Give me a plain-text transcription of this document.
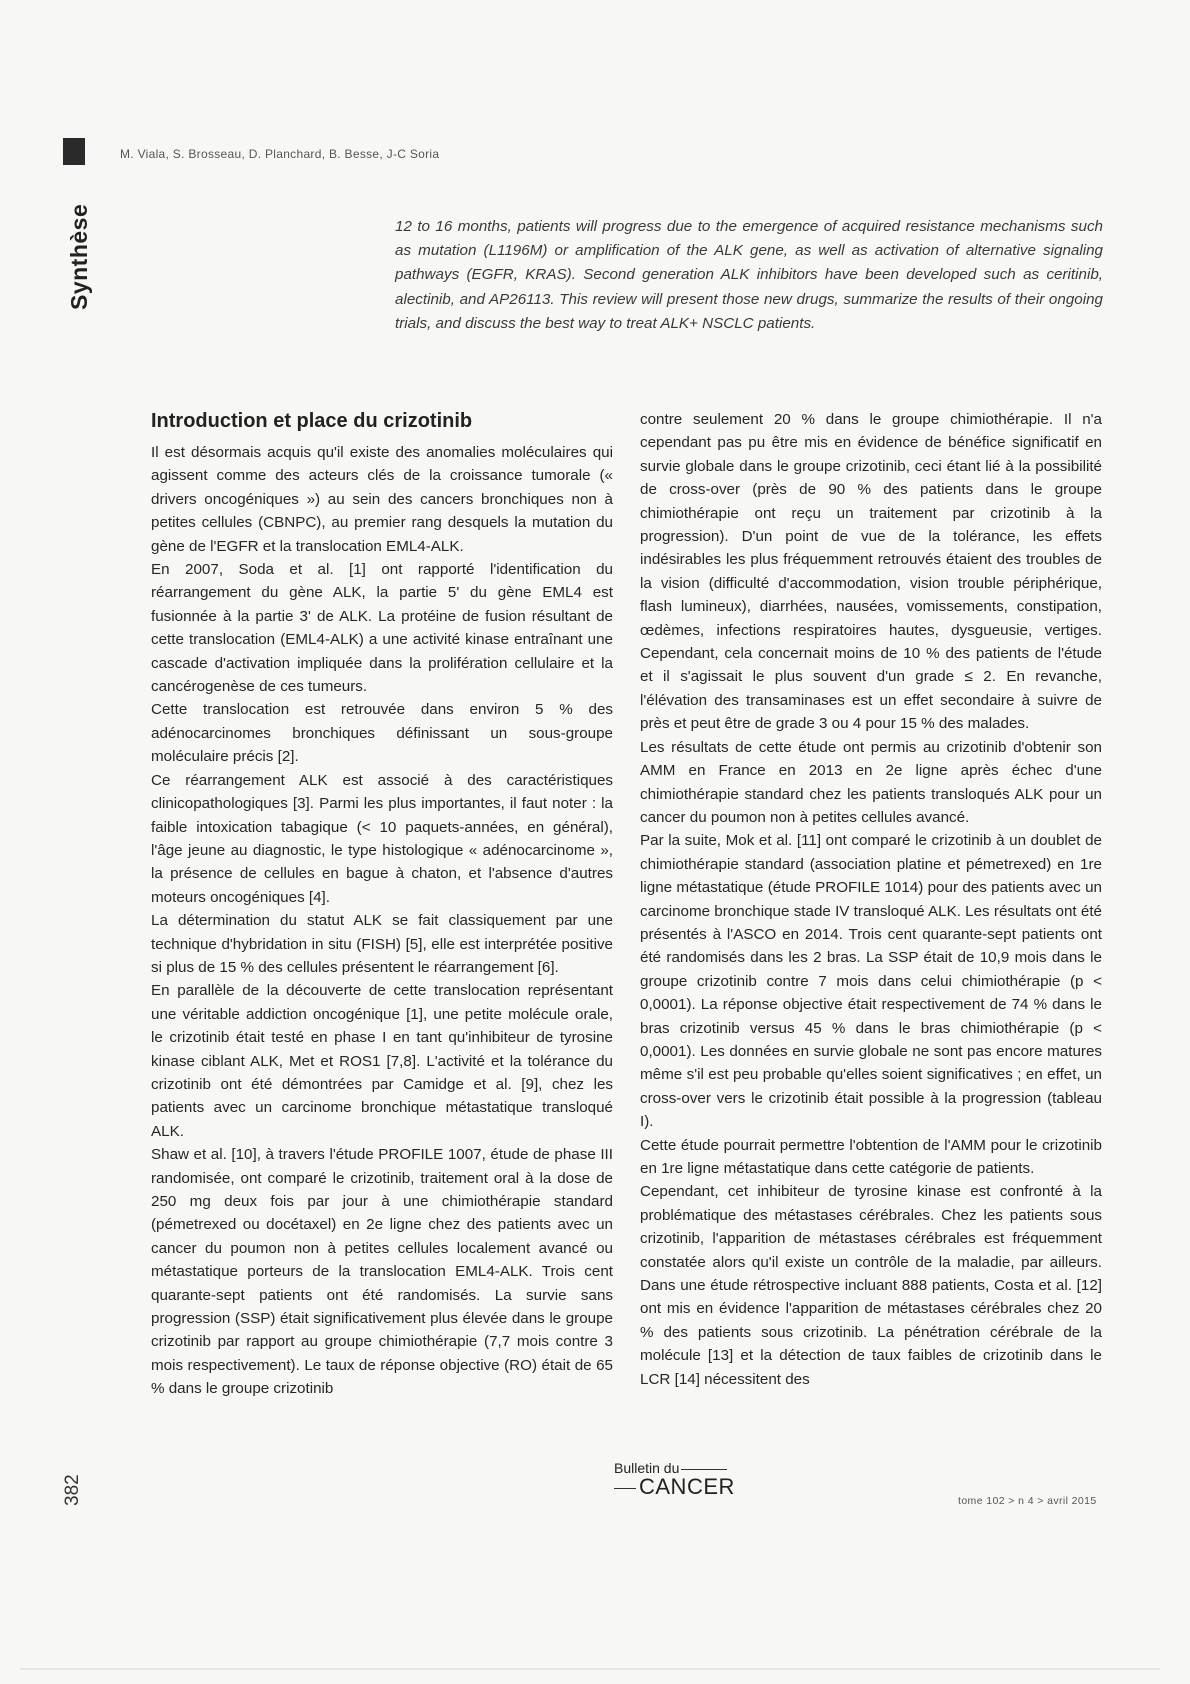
Synthèse
M. Viala, S. Brosseau, D. Planchard, B. Besse, J-C Soria
12 to 16 months, patients will progress due to the emergence of acquired resistance mechanisms such as mutation (L1196M) or amplification of the ALK gene, as well as activation of alternative signaling pathways (EGFR, KRAS). Second generation ALK inhibitors have been developed such as ceritinib, alectinib, and AP26113. This review will present those new drugs, summarize the results of their ongoing trials, and discuss the best way to treat ALK+ NSCLC patients.
Introduction et place du crizotinib

Il est désormais acquis qu'il existe des anomalies moléculaires qui agissent comme des acteurs clés de la croissance tumorale (« drivers oncogéniques ») au sein des cancers bronchiques non à petites cellules (CBNPC), au premier rang desquels la mutation du gène de l'EGFR et la translocation EML4-ALK.

En 2007, Soda et al. [1] ont rapporté l'identification du réarrangement du gène ALK, la partie 5' du gène EML4 est fusionnée à la partie 3' de ALK. La protéine de fusion résultant de cette translocation (EML4-ALK) a une activité kinase entraînant une cascade d'activation impliquée dans la prolifération cellulaire et la cancérogenèse de ces tumeurs.

Cette translocation est retrouvée dans environ 5 % des adénocarcinomes bronchiques définissant un sous-groupe moléculaire précis [2].

Ce réarrangement ALK est associé à des caractéristiques clinicopathologiques [3]. Parmi les plus importantes, il faut noter : la faible intoxication tabagique (< 10 paquets-années, en général), l'âge jeune au diagnostic, le type histologique « adénocarcinome », la présence de cellules en bague à chaton, et l'absence d'autres moteurs oncogéniques [4].

La détermination du statut ALK se fait classiquement par une technique d'hybridation in situ (FISH) [5], elle est interprétée positive si plus de 15 % des cellules présentent le réarrangement [6].

En parallèle de la découverte de cette translocation représentant une véritable addiction oncogénique [1], une petite molécule orale, le crizotinib était testé en phase I en tant qu'inhibiteur de tyrosine kinase ciblant ALK, Met et ROS1 [7,8]. L'activité et la tolérance du crizotinib ont été démontrées par Camidge et al. [9], chez les patients avec un carcinome bronchique métastatique transloqué ALK.

Shaw et al. [10], à travers l'étude PROFILE 1007, étude de phase III randomisée, ont comparé le crizotinib, traitement oral à la dose de 250 mg deux fois par jour à une chimiothérapie standard (pémetrexed ou docétaxel) en 2e ligne chez des patients avec un cancer du poumon non à petites cellules localement avancé ou métastatique porteurs de la translocation EML4-ALK. Trois cent quarante-sept patients ont été randomisés. La survie sans progression (SSP) était significativement plus élevée dans le groupe crizotinib par rapport au groupe chimiothérapie (7,7 mois contre 3 mois respectivement). Le taux de réponse objective (RO) était de 65 % dans le groupe crizotinib

contre seulement 20 % dans le groupe chimiothérapie. Il n'a cependant pas pu être mis en évidence de bénéfice significatif en survie globale dans le groupe crizotinib, ceci étant lié à la possibilité de cross-over (près de 90 % des patients dans le groupe chimiothérapie ont reçu un traitement par crizotinib à la progression). D'un point de vue de la tolérance, les effets indésirables les plus fréquemment retrouvés étaient des troubles de la vision (difficulté d'accommodation, vision trouble périphérique, flash lumineux), diarrhées, nausées, vomissements, constipation, œdèmes, infections respiratoires hautes, dysgueusie, vertiges. Cependant, cela concernait moins de 10 % des patients de l'étude et il s'agissait le plus souvent d'un grade ≤ 2. En revanche, l'élévation des transaminases est un effet secondaire à suivre de près et peut être de grade 3 ou 4 pour 15 % des malades.

Les résultats de cette étude ont permis au crizotinib d'obtenir son AMM en France en 2013 en 2e ligne après échec d'une chimiothérapie standard chez les patients transloqués ALK pour un cancer du poumon non à petites cellules avancé.

Par la suite, Mok et al. [11] ont comparé le crizotinib à un doublet de chimiothérapie standard (association platine et pémetrexed) en 1re ligne métastatique (étude PROFILE 1014) pour des patients avec un carcinome bronchique stade IV transloqué ALK. Les résultats ont été présentés à l'ASCO en 2014. Trois cent quarante-sept patients ont été randomisés dans les 2 bras. La SSP était de 10,9 mois dans le groupe crizotinib contre 7 mois dans celui chimiothérapie (p < 0,0001). La réponse objective était respectivement de 74 % dans le bras crizotinib versus 45 % dans le bras chimiothérapie (p < 0,0001). Les données en survie globale ne sont pas encore matures même s'il est peu probable qu'elles soient significatives ; en effet, un cross-over vers le crizotinib était possible à la progression (tableau I).

Cette étude pourrait permettre l'obtention de l'AMM pour le crizotinib en 1re ligne métastatique dans cette catégorie de patients.

Cependant, cet inhibiteur de tyrosine kinase est confronté à la problématique des métastases cérébrales. Chez les patients sous crizotinib, l'apparition de métastases cérébrales est fréquemment constatée alors qu'il existe un contrôle de la maladie, par ailleurs. Dans une étude rétrospective incluant 888 patients, Costa et al. [12] ont mis en évidence l'apparition de métastases cérébrales chez 20 % des patients sous crizotinib. La pénétration cérébrale de la molécule [13] et la détection de taux faibles de crizotinib dans le LCR [14] nécessitent des

382
Bulletin du
CANCER
tome 102 > n 4 > avril 2015
